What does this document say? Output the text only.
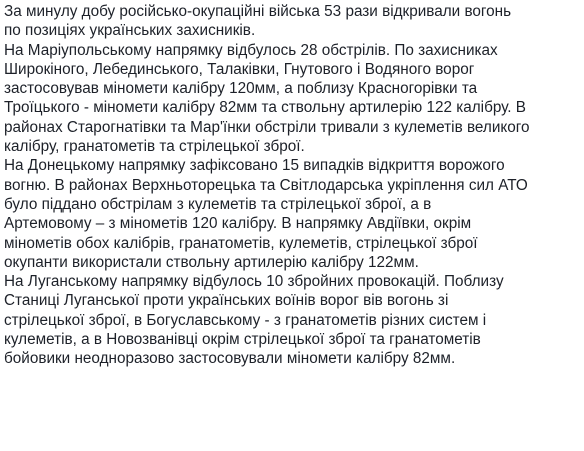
За минулу добу російсько-окупаційні війська 53 рази відкривали вогонь
по позиціях українських захисників.

На Маріупольському напрямку відбулось 28 обстрілів. По захисниках
Широкіного, Лебединського, Талаківки, Гнутового і Водяного ворог
застосовував міномети калібру 120мм, а поблизу Красногорівки та
Троїцького - міномети калібру 82мм та ствольну артилерію 122 калібру. В
районах Старогнатівки та Мар'їнки обстріли тривали з кулеметів великого
калібру, гранатометів та стрілецької зброї.

На Донецькому напрямку зафіксовано 15 випадків відкриття ворожого
вогню. В районах Верхньоторецька та Світлодарська укріплення сил АТО
було піддано обстрілам з кулеметів та стрілецької зброї, а в
Артемовому – з мінометів 120 калібру. В напрямку Авдіївки, окрім
мінометів обох калібрів, гранатометів, кулеметів, стрілецької зброї
окупанти використали ствольну артилерію калібру 122мм.

На Луганському напрямку відбулось 10 збройних провокацій. Поблизу
Станиці Луганської проти українських воїнів ворог вів вогонь зі
стрілецької зброї, в Богуславському - з гранатометів різних систем і
кулеметів, а в Новозванівці окрім стрілецької зброї та гранатометів
бойовики неодноразово застосовували міномети калібру 82мм.
